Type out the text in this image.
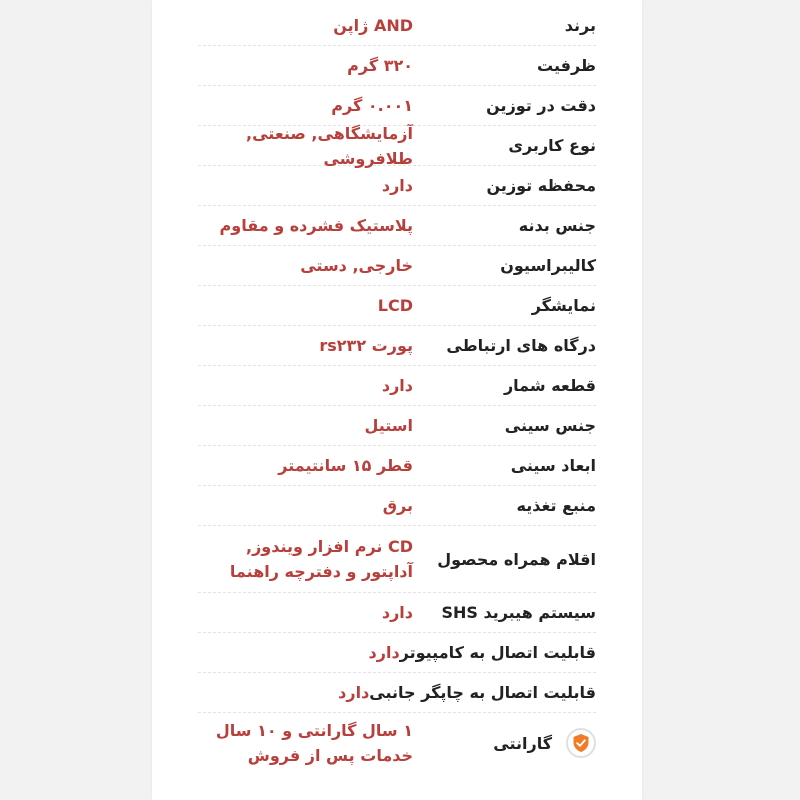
برند
AND ژاپن
ظرفیت
۳۲۰ گرم
دقت در توزین
۰.۰۰۱ گرم
نوع کاربری
آزمایشگاهی, صنعتی, طلافروشی
محفظه توزین
دارد
جنس بدنه
پلاستیک فشرده و مقاوم
کالیبراسیون
خارجی, دستی
نمایشگر
LCD
درگاه های ارتباطی
پورت rs۲۳۲
قطعه شمار
دارد
جنس سینی
استیل
ابعاد سینی
قطر ۱۵ سانتیمتر
منبع تغذیه
برق
اقلام همراه محصول
CD نرم افزار ویندوز, آداپتور و دفترچه راهنما
سیستم هیبرید SHS
دارد
قابلیت اتصال به کامپیوتر
دارد
قابلیت اتصال به چاپگر جانبی
دارد
گارانتی
۱ سال گارانتی و ۱۰ سال خدمات پس از فروش
